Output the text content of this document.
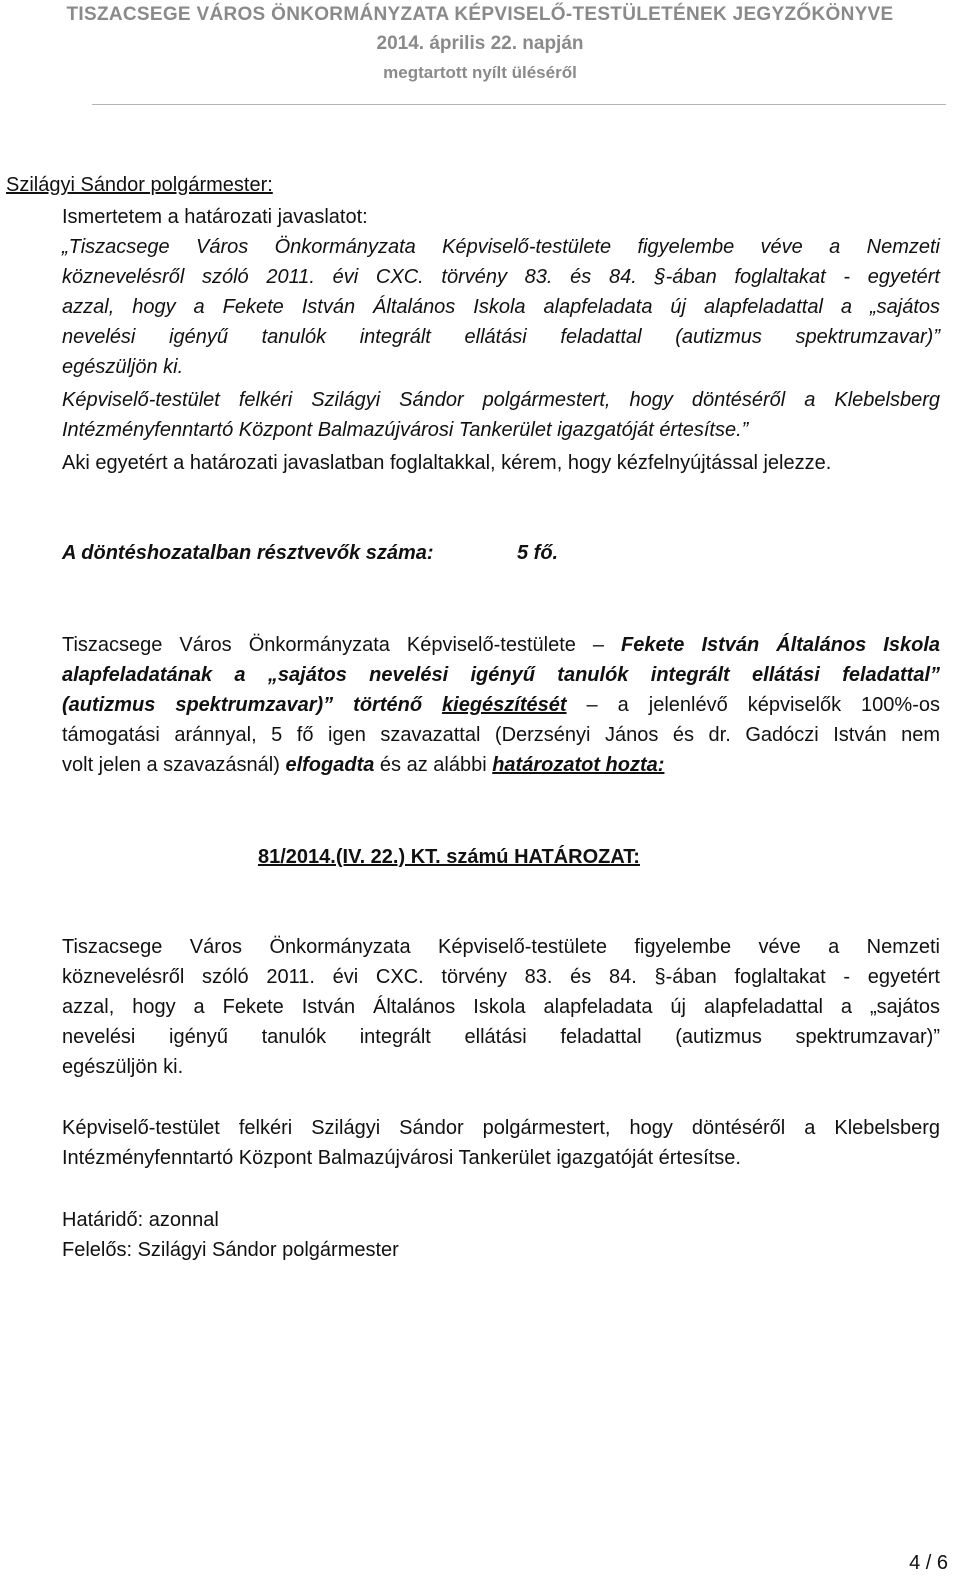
TISZACSEGE VÁROS ÖNKORMÁNYZATA KÉPVISELŐ-TESTÜLETÉNEK JEGYZŐKÖNYVE
2014. április 22. napján
megtartott nyílt üléséről
Szilágyi Sándor polgármester:
Ismertetem a határozati javaslatot:
„Tiszacsege Város Önkormányzata Képviselő-testülete figyelembe véve a Nemzeti
köznevelésről szóló 2011. évi CXC. törvény 83. és 84. §-ában foglaltakat - egyetért
azzal, hogy a Fekete István Általános Iskola alapfeladata új alapfeladattal a „sajátos
nevelési igényű tanulók integrált ellátási feladattal (autizmus spektrumzavar)”
egészüljön ki.
Képviselő-testület felkéri Szilágyi Sándor polgármestert, hogy döntéséről a Klebelsberg
Intézményfenntartó Központ Balmazújvárosi Tankerület igazgatóját értesítse.”
Aki egyetért a határozati javaslatban foglaltakkal, kérem, hogy kézfelnyújtással jelezze.
A döntéshozatalban résztvevők száma:	5 fő.
Tiszacsege Város Önkormányzata Képviselő-testülete – Fekete István Általános Iskola
alapfeladatának a „sajátos nevelési igényű tanulók integrált ellátási feladattal”
(autizmus spektrumzavar)” történő kiegészítését – a jelenlévő képviselők 100%-os
támogatási aránnyal, 5 fő igen szavazattal (Derzsényi János és dr. Gadóczi István nem
volt jelen a szavazásnál) elfogadta és az alábbi határozatot hozta:
81/2014.(IV. 22.) KT. számú HATÁROZAT:
Tiszacsege Város Önkormányzata Képviselő-testülete figyelembe véve a Nemzeti
köznevelésről szóló 2011. évi CXC. törvény 83. és 84. §-ában foglaltakat - egyetért
azzal, hogy a Fekete István Általános Iskola alapfeladata új alapfeladattal a „sajátos
nevelési igényű tanulók integrált ellátási feladattal (autizmus spektrumzavar)”
egészüljön ki.
Képviselő-testület felkéri Szilágyi Sándor polgármestert, hogy döntéséről a Klebelsberg
Intézményfenntartó Központ Balmazújvárosi Tankerület igazgatóját értesítse.
Határidő: azonnal
Felelős: Szilágyi Sándor polgármester
4 / 6
